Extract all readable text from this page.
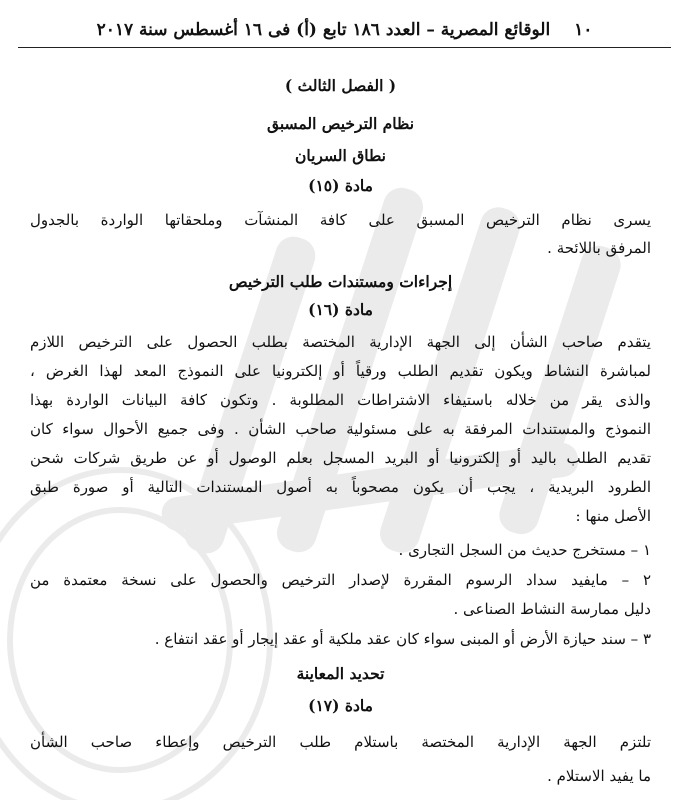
١٠
الوقائع المصرية – العدد ١٨٦ تابع (أ) فى ١٦ أغسطس سنة ٢٠١٧
( الفصل الثالث )
نظام الترخيص المسبق
نطاق السريان
مادة (١٥)
يسرى نظام الترخيص المسبق على كافة المنشآت وملحقاتها الواردة بالجدول
المرفق باللائحة .
إجراءات ومستندات طلب الترخيص
مادة (١٦)
يتقدم صاحب الشأن إلى الجهة الإدارية المختصة بطلب الحصول على الترخيص اللازم
لمباشرة النشاط ويكون تقديم الطلب ورقياً أو إلكترونيا على النموذج المعد لهذا الغرض ،
والذى يقر من خلاله باستيفاء الاشتراطات المطلوبة . وتكون كافة البيانات الواردة بهذا
النموذج والمستندات المرفقة به على مسئولية صاحب الشأن . وفى جميع الأحوال سواء كان
تقديم الطلب باليد أو إلكترونيا أو البريد المسجل بعلم الوصول أو عن طريق شركات شحن
الطرود البريدية ، يجب أن يكون مصحوباً به أصول المستندات التالية أو صورة طبق
الأصل منها :
١ – مستخرج حديث من السجل التجارى .
٢ – مايفيد سداد الرسوم المقررة لإصدار الترخيص والحصول على نسخة معتمدة من
دليل ممارسة النشاط الصناعى .
٣ – سند حيازة الأرض أو المبنى سواء كان عقد ملكية أو عقد إيجار أو عقد انتفاع .
تحديد المعاينة
مادة (١٧)
تلتزم الجهة الإدارية المختصة باستلام طلب الترخيص وإعطاء صاحب الشأن
ما يفيد الاستلام .
